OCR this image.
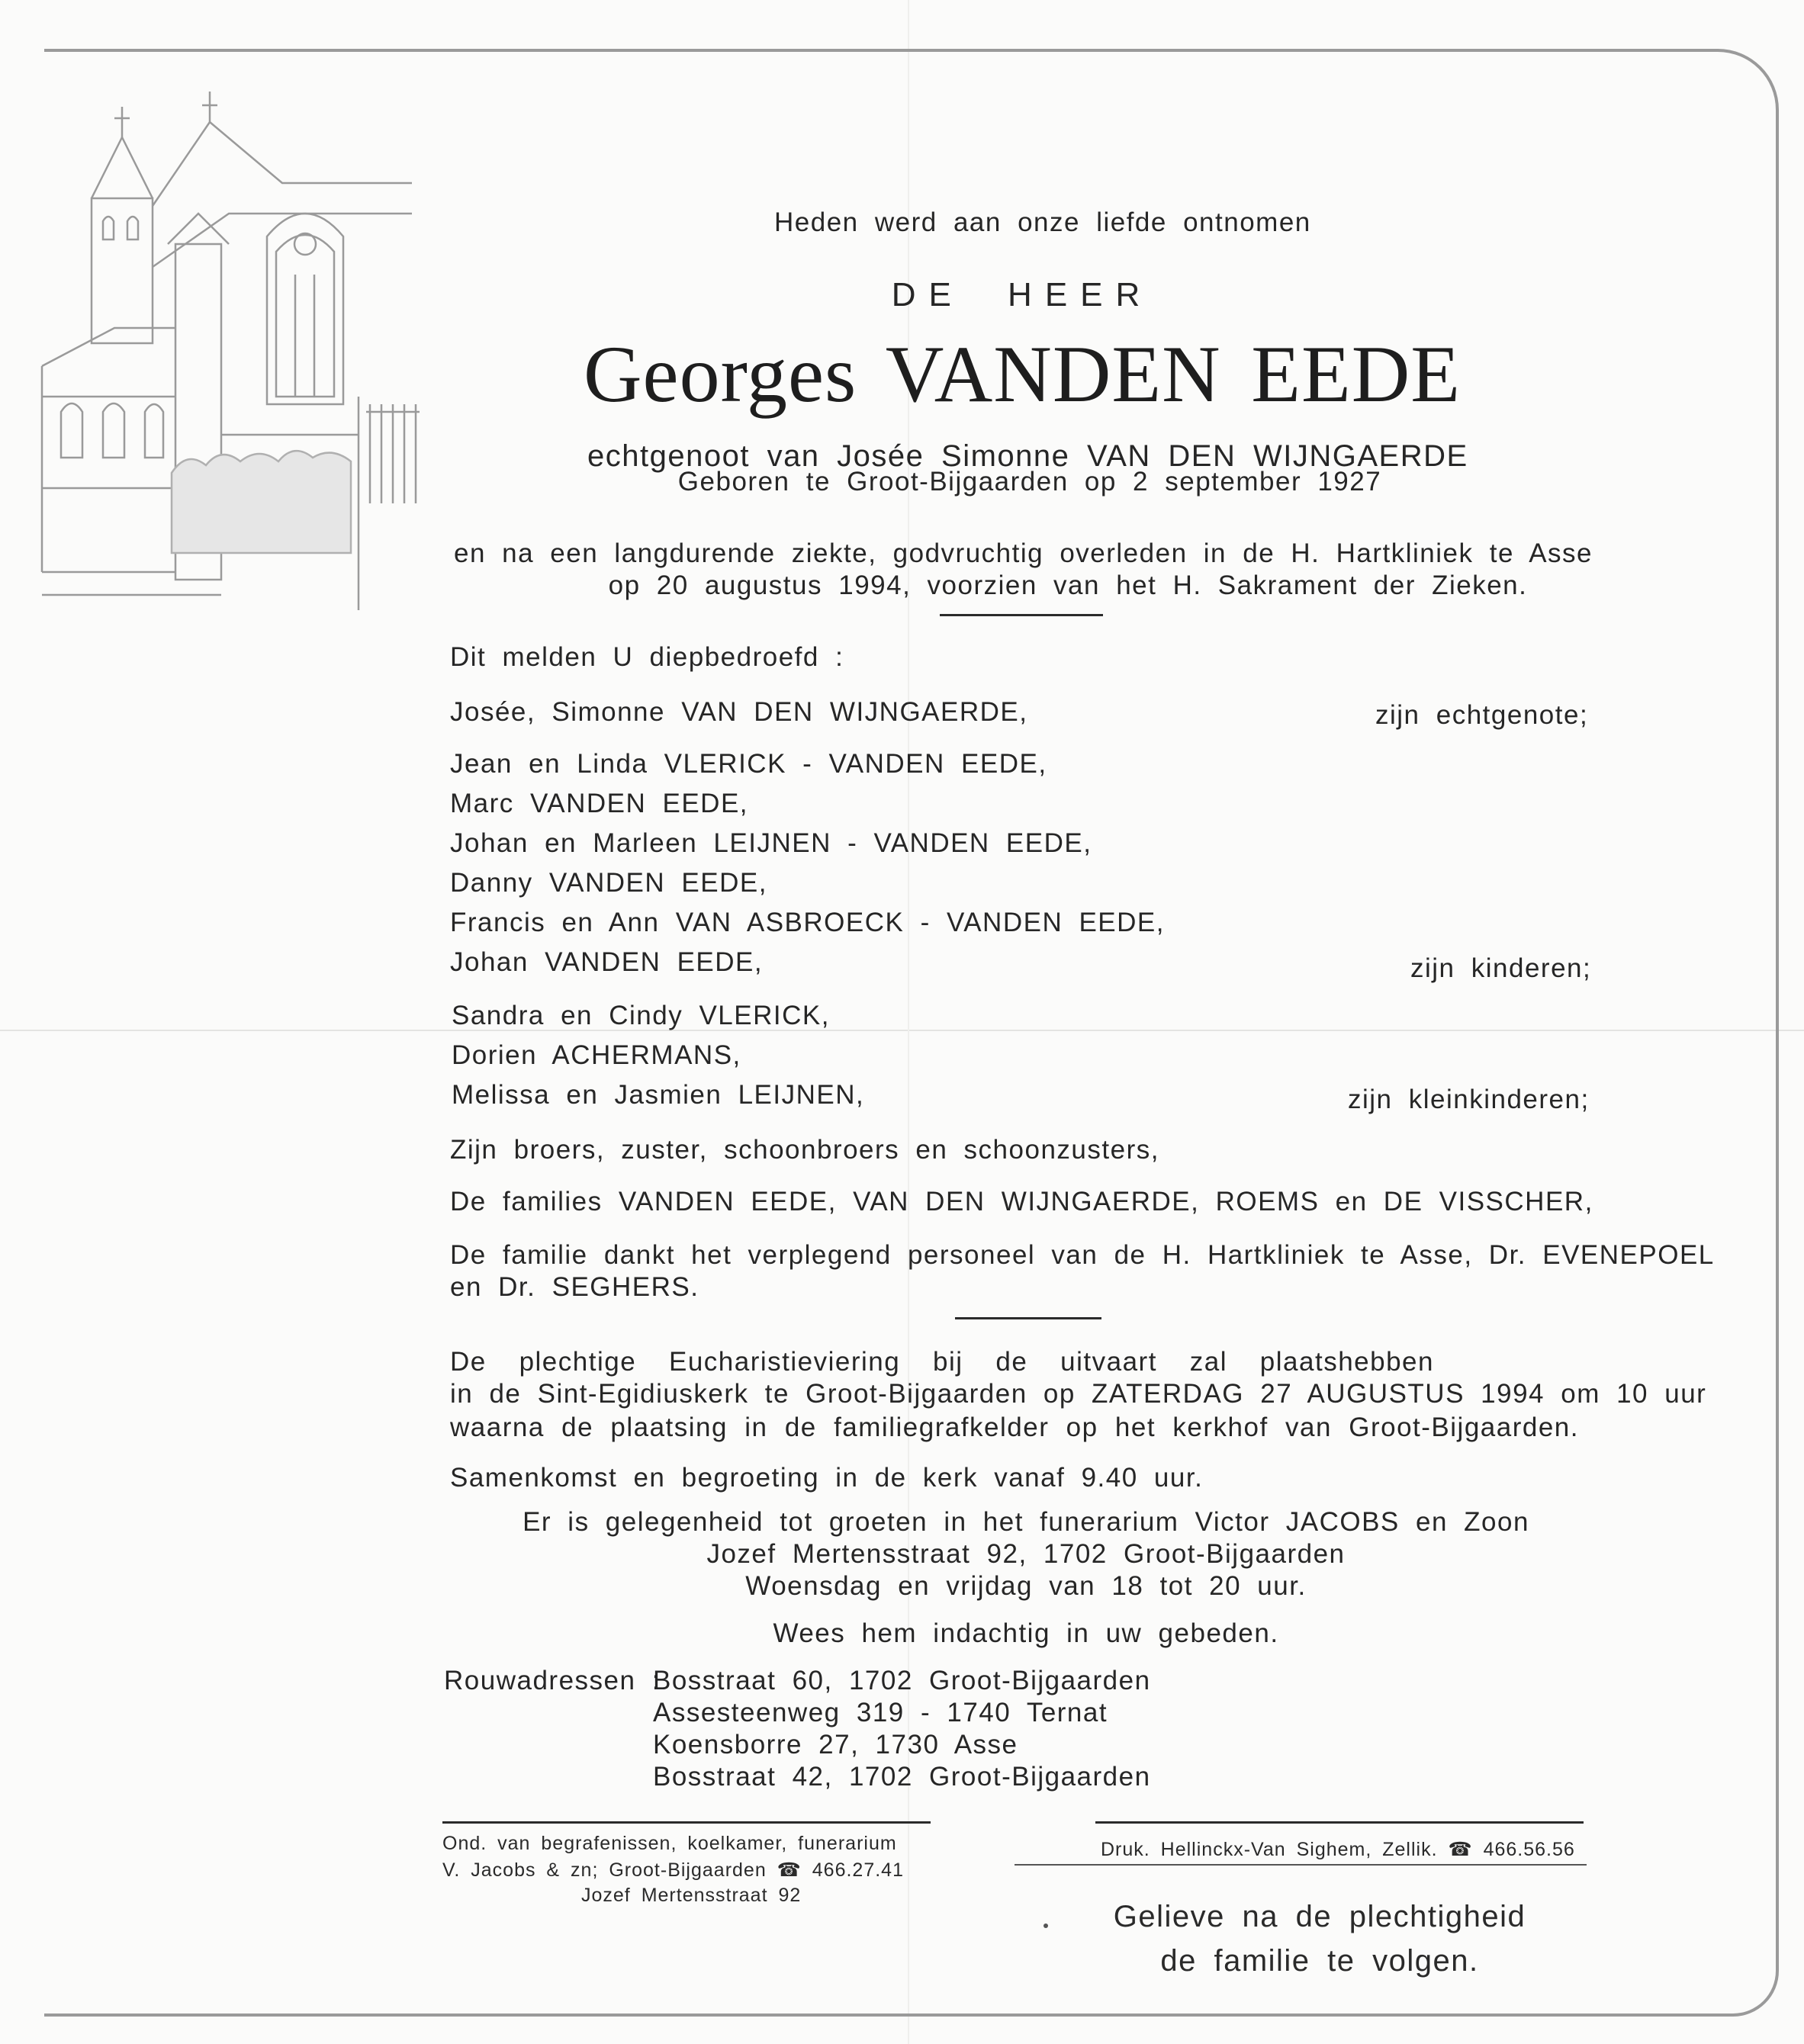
Heden werd aan onze liefde ontnomen
DE HEER
Georges VANDEN EEDE
echtgenoot van Josée Simonne VAN DEN WIJNGAERDE
Geboren te Groot-Bijgaarden op 2 september 1927
en na een langdurende ziekte, godvruchtig overleden in de H. Hartkliniek te Asse
op 20 augustus 1994, voorzien van het H. Sakrament der Zieken.
Dit melden U diepbedroefd :
Josée, Simonne VAN DEN WIJNGAERDE,	zijn echtgenote;
Jean en Linda VLERICK - VANDEN EEDE,
Marc VANDEN EEDE,
Johan en Marleen LEIJNEN - VANDEN EEDE,
Danny VANDEN EEDE,
Francis en Ann VAN ASBROECK - VANDEN EEDE,
Johan VANDEN EEDE,	zijn kinderen;
Sandra en Cindy VLERICK,
Dorien ACHERMANS,
Melissa en Jasmien LEIJNEN,	zijn kleinkinderen;
Zijn broers, zuster, schoonbroers en schoonzusters,
De families VANDEN EEDE, VAN DEN WIJNGAERDE, ROEMS en DE VISSCHER,
De familie dankt het verplegend personeel van de H. Hartkliniek te Asse, Dr. EVENEPOEL
en Dr. SEGHERS.
De plechtige Eucharistieviering bij de uitvaart zal plaatshebben
in de Sint-Egidiuskerk te Groot-Bijgaarden op ZATERDAG 27 AUGUSTUS 1994 om 10 uur
waarna de plaatsing in de familiegrafkelder op het kerkhof van Groot-Bijgaarden.
Samenkomst en begroeting in de kerk vanaf 9.40 uur.
Er is gelegenheid tot groeten in het funerarium Victor JACOBS en Zoon
Jozef Mertensstraat 92, 1702 Groot-Bijgaarden
Woensdag en vrijdag van 18 tot 20 uur.
Wees hem indachtig in uw gebeden.
Rouwadressen :
Bosstraat 60, 1702 Groot-Bijgaarden
Assesteenweg 319 - 1740 Ternat
Koensborre 27, 1730 Asse
Bosstraat 42, 1702 Groot-Bijgaarden
Ond. van begrafenissen, koelkamer, funerarium
V. Jacobs & zn; Groot-Bijgaarden ☎ 466.27.41
Jozef Mertensstraat 92
Druk. Hellinckx-Van Sighem, Zellik. ☎ 466.56.56
Gelieve na de plechtigheid
de familie te volgen.
